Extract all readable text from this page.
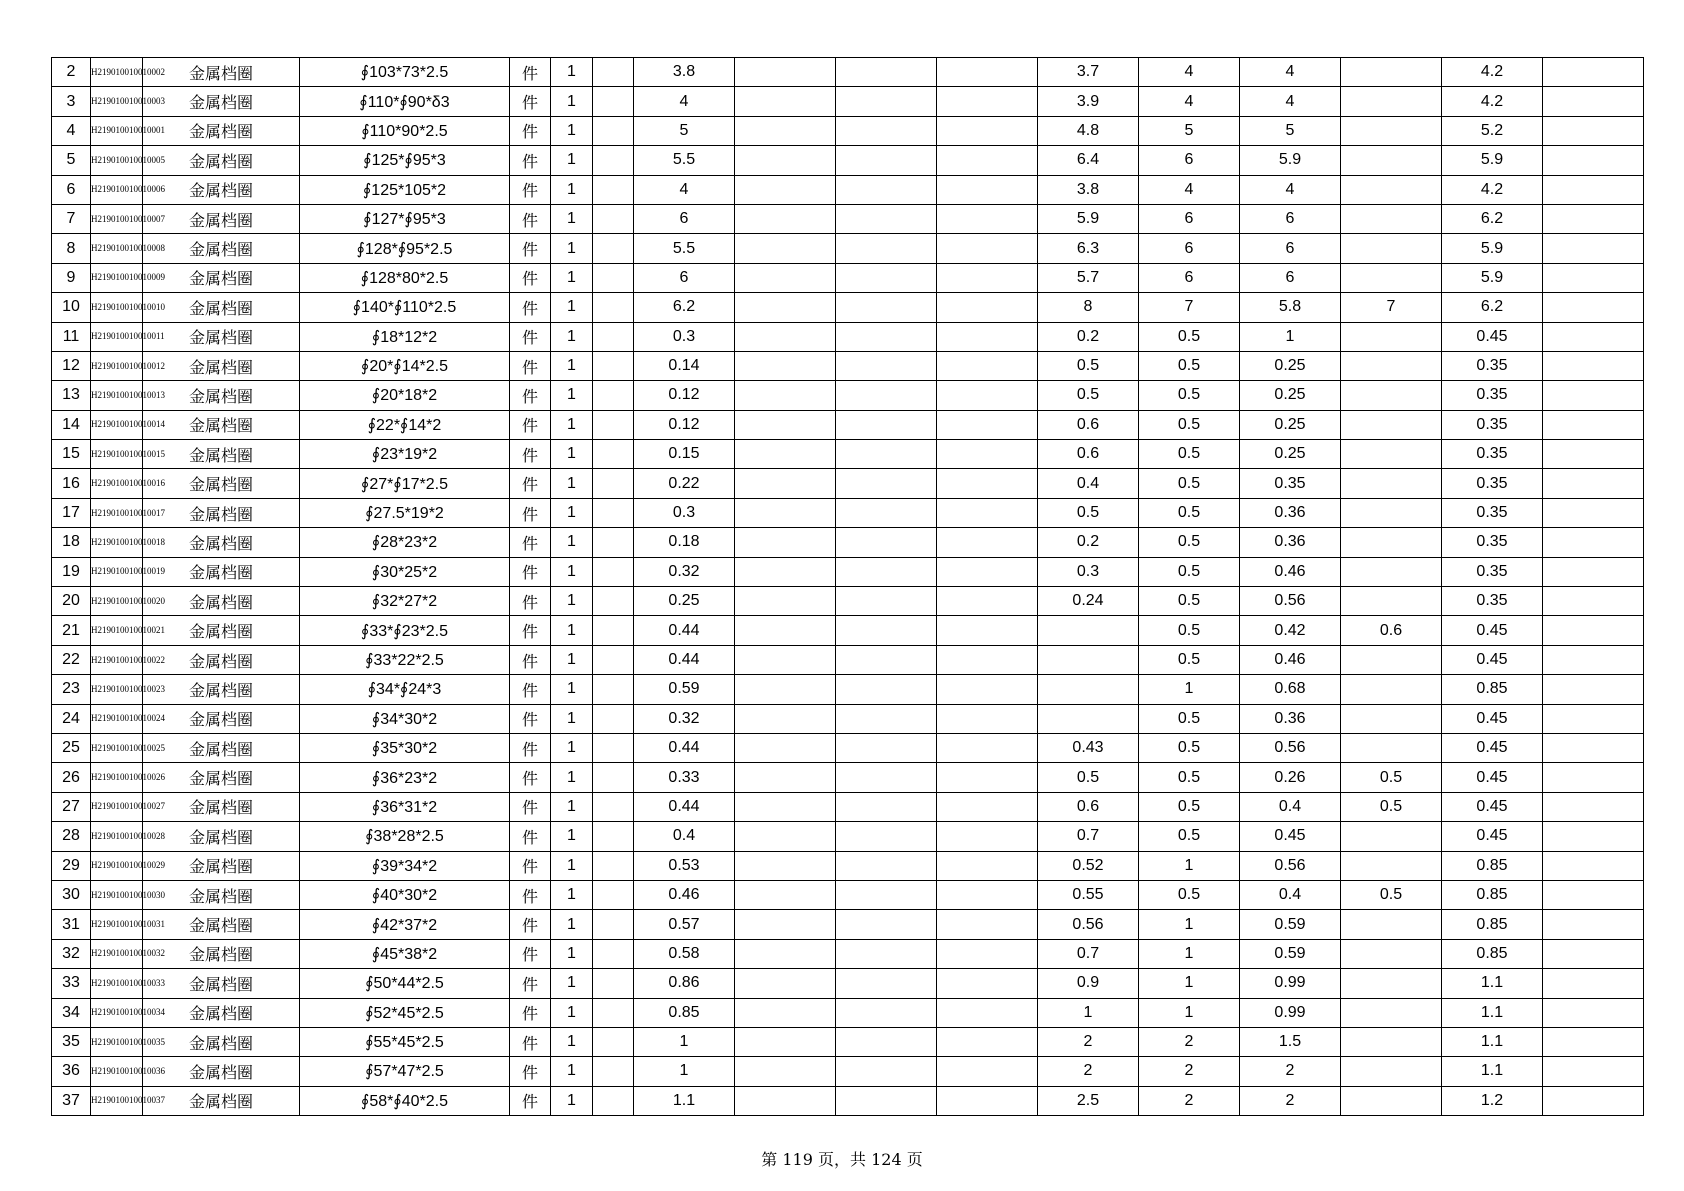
2	H219010010010002	金属档圈	∮103*73*2.5	件	1		3.8				3.7	4	4		4.2	
3	H219010010010003	金属档圈	∮110*∮90*δ3	件	1		4				3.9	4	4		4.2	
4	H219010010010001	金属档圈	∮110*90*2.5	件	1		5				4.8	5	5		5.2	
5	H219010010010005	金属档圈	∮125*∮95*3	件	1		5.5				6.4	6	5.9		5.9	
6	H219010010010006	金属档圈	∮125*105*2	件	1		4				3.8	4	4		4.2	
7	H219010010010007	金属档圈	∮127*∮95*3	件	1		6				5.9	6	6		6.2	
8	H219010010010008	金属档圈	∮128*∮95*2.5	件	1		5.5				6.3	6	6		5.9	
9	H219010010010009	金属档圈	∮128*80*2.5	件	1		6				5.7	6	6		5.9	
10	H219010010010010	金属档圈	∮140*∮110*2.5	件	1		6.2				8	7	5.8	7	6.2	
11	H219010010010011	金属档圈	∮18*12*2	件	1		0.3				0.2	0.5	1		0.45	
12	H219010010010012	金属档圈	∮20*∮14*2.5	件	1		0.14				0.5	0.5	0.25		0.35	
13	H219010010010013	金属档圈	∮20*18*2	件	1		0.12				0.5	0.5	0.25		0.35	
14	H219010010010014	金属档圈	∮22*∮14*2	件	1		0.12				0.6	0.5	0.25		0.35	
15	H219010010010015	金属档圈	∮23*19*2	件	1		0.15				0.6	0.5	0.25		0.35	
16	H219010010010016	金属档圈	∮27*∮17*2.5	件	1		0.22				0.4	0.5	0.35		0.35	
17	H219010010010017	金属档圈	∮27.5*19*2	件	1		0.3				0.5	0.5	0.36		0.35	
18	H219010010010018	金属档圈	∮28*23*2	件	1		0.18				0.2	0.5	0.36		0.35	
19	H219010010010019	金属档圈	∮30*25*2	件	1		0.32				0.3	0.5	0.46		0.35	
20	H219010010010020	金属档圈	∮32*27*2	件	1		0.25				0.24	0.5	0.56		0.35	
21	H219010010010021	金属档圈	∮33*∮23*2.5	件	1		0.44					0.5	0.42	0.6	0.45	
22	H219010010010022	金属档圈	∮33*22*2.5	件	1		0.44					0.5	0.46		0.45	
23	H219010010010023	金属档圈	∮34*∮24*3	件	1		0.59					1	0.68		0.85	
24	H219010010010024	金属档圈	∮34*30*2	件	1		0.32					0.5	0.36		0.45	
25	H219010010010025	金属档圈	∮35*30*2	件	1		0.44				0.43	0.5	0.56		0.45	
26	H219010010010026	金属档圈	∮36*23*2	件	1		0.33				0.5	0.5	0.26	0.5	0.45	
27	H219010010010027	金属档圈	∮36*31*2	件	1		0.44				0.6	0.5	0.4	0.5	0.45	
28	H219010010010028	金属档圈	∮38*28*2.5	件	1		0.4				0.7	0.5	0.45		0.45	
29	H219010010010029	金属档圈	∮39*34*2	件	1		0.53				0.52	1	0.56		0.85	
30	H219010010010030	金属档圈	∮40*30*2	件	1		0.46				0.55	0.5	0.4	0.5	0.85	
31	H219010010010031	金属档圈	∮42*37*2	件	1		0.57				0.56	1	0.59		0.85	
32	H219010010010032	金属档圈	∮45*38*2	件	1		0.58				0.7	1	0.59		0.85	
33	H219010010010033	金属档圈	∮50*44*2.5	件	1		0.86				0.9	1	0.99		1.1	
34	H219010010010034	金属档圈	∮52*45*2.5	件	1		0.85				1	1	0.99		1.1	
35	H219010010010035	金属档圈	∮55*45*2.5	件	1		1				2	2	1.5		1.1	
36	H219010010010036	金属档圈	∮57*47*2.5	件	1		1				2	2	2		1.1	
37	H219010010010037	金属档圈	∮58*∮40*2.5	件	1		1.1				2.5	2	2		1.2	
第 119 页，共 124 页
